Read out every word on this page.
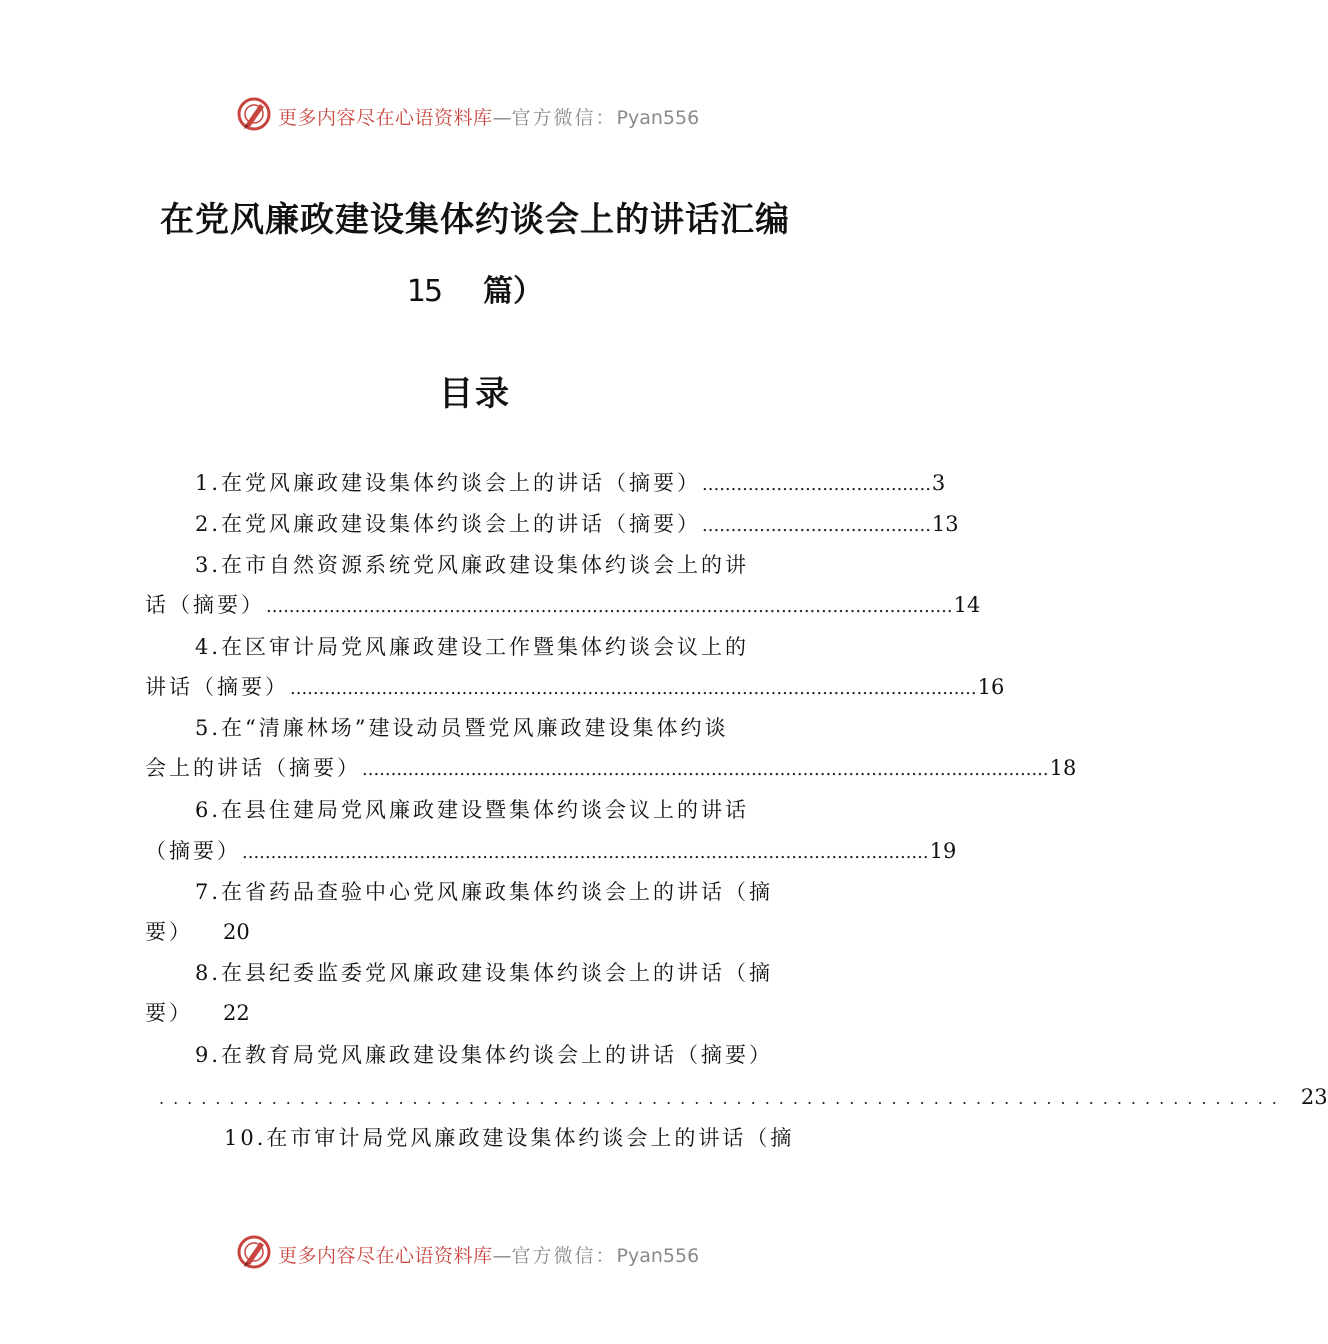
更多内容尽在心语资料库—官方微信：Pyan556
在党风廉政建设集体约谈会上的讲话汇编
15 篇）
目录
1.在党风廉政建设集体约谈会上的讲话（摘要） ........................................ 3
2.在党风廉政建设集体约谈会上的讲话（摘要） ........................................ 13
3.在市自然资源系统党风廉政建设集体约谈会上的讲
话（摘要） ........................................................................................................................ 14
4.在区审计局党风廉政建设工作暨集体约谈会议上的
讲话（摘要） ........................................................................................................................ 16
5.在“清廉林场”建设动员暨党风廉政建设集体约谈
会上的讲话（摘要） ........................................................................................................................ 18
6.在县住建局党风廉政建设暨集体约谈会议上的讲话
（摘要） ........................................................................................................................ 19
7.在省药品查验中心党风廉政集体约谈会上的讲话（摘
要） 20
8.在县纪委监委党风廉政建设集体约谈会上的讲话（摘
要） 22
9.在教育局党风廉政建设集体约谈会上的讲话（摘要）
................................................................................ 23
10.在市审计局党风廉政建设集体约谈会上的讲话（摘
更多内容尽在心语资料库—官方微信：Pyan556
